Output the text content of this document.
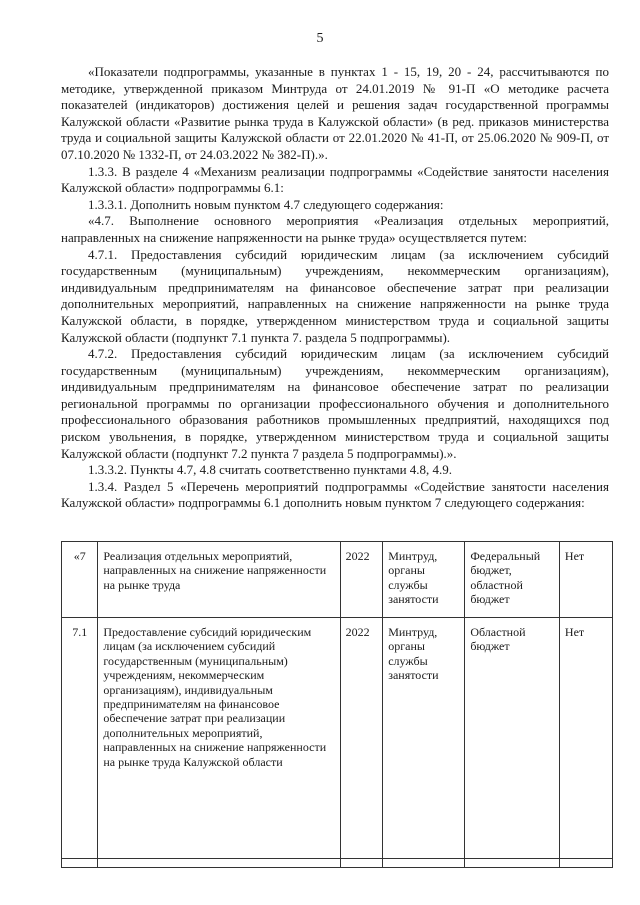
5

«Показатели подпрограммы, указанные в пунктах 1 - 15, 19, 20 - 24, рассчитываются по методике, утвержденной приказом Минтруда от 24.01.2019 № 91-П «О методике расчета показателей (индикаторов) достижения целей и решения задач государственной программы Калужской области «Развитие рынка труда в Калужской области» (в ред. приказов министерства труда и социальной защиты Калужской области от 22.01.2020 № 41-П, от 25.06.2020 № 909-П, от 07.10.2020 № 1332-П, от 24.03.2022 № 382-П).».

1.3.3. В разделе 4 «Механизм реализации подпрограммы «Содействие занятости населения Калужской области» подпрограммы 6.1:

1.3.3.1. Дополнить новым пунктом 4.7 следующего содержания:

«4.7. Выполнение основного мероприятия «Реализация отдельных мероприятий, направленных на снижение напряженности на рынке труда» осуществляется путем:

4.7.1. Предоставления субсидий юридическим лицам (за исключением субсидий государственным (муниципальным) учреждениям, некоммерческим организациям), индивидуальным предпринимателям на финансовое обеспечение затрат при реализации дополнительных мероприятий, направленных на снижение напряженности на рынке труда Калужской области, в порядке, утвержденном министерством труда и социальной защиты Калужской области (подпункт 7.1 пункта 7. раздела 5 подпрограммы).

4.7.2. Предоставления субсидий юридическим лицам (за исключением субсидий государственным (муниципальным) учреждениям, некоммерческим организациям), индивидуальным предпринимателям на финансовое обеспечение затрат по реализации региональной программы по организации профессионального обучения и дополнительного профессионального образования работников промышленных предприятий, находящихся под риском увольнения, в порядке, утвержденном министерством труда и социальной защиты Калужской области (подпункт 7.2 пункта 7 раздела 5 подпрограммы).».

1.3.3.2. Пункты 4.7, 4.8 считать соответственно пунктами 4.8, 4.9.

1.3.4. Раздел 5 «Перечень мероприятий подпрограммы «Содействие занятости населения Калужской области» подпрограммы 6.1 дополнить новым пунктом 7 следующего содержания:

«7	Реализация отдельных мероприятий, направленных на снижение напряженности на рынке труда	2022	Минтруд, органы службы занятости	Федеральный бюджет, областной бюджет	Нет
7.1	Предоставление субсидий юридическим лицам (за исключением субсидий государственным (муниципальным) учреждениям, некоммерческим организациям), индивидуальным предпринимателям на финансовое обеспечение затрат при реализации дополнительных мероприятий, направленных на снижение напряженности на рынке труда Калужской области	2022	Минтруд, органы службы занятости	Областной бюджет	Нет
